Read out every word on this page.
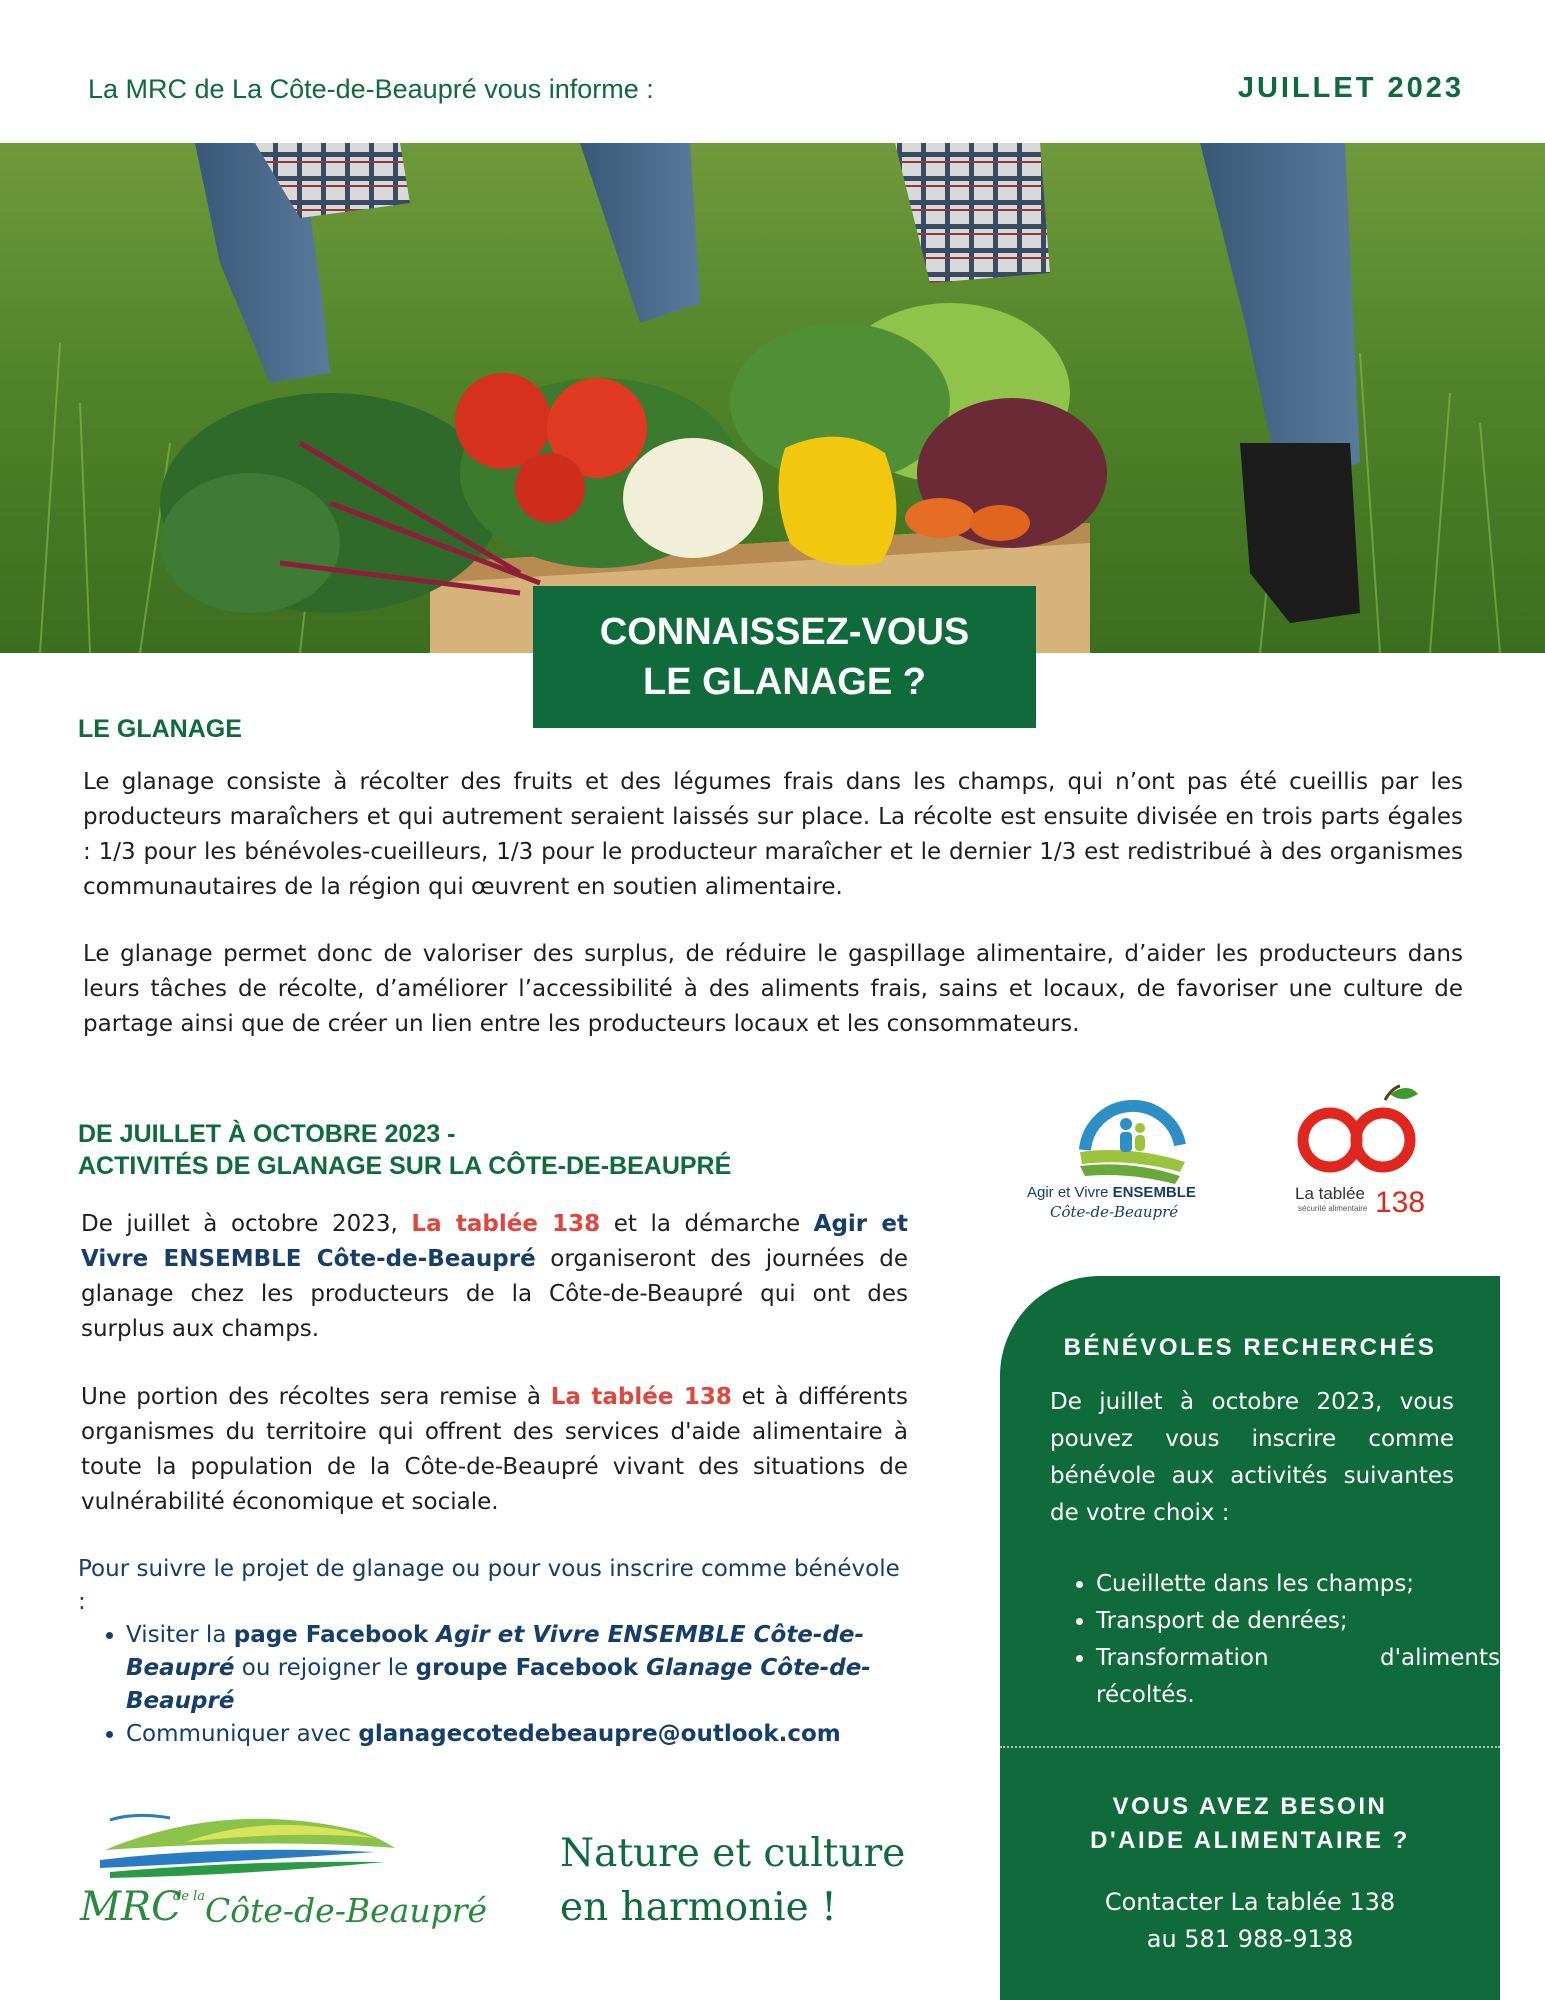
La MRC de La Côte-de-Beaupré vous informe :	JUILLET 2023
CONNAISSEZ-VOUS
LE GLANAGE ?
LE GLANAGE
Le glanage consiste à récolter des fruits et des légumes frais dans les champs, qui n’ont pas été cueillis par les producteurs maraîchers et qui autrement seraient laissés sur place. La récolte est ensuite divisée en trois parts égales : 1/3 pour les bénévoles-cueilleurs, 1/3 pour le producteur maraîcher et le dernier 1/3 est redistribué à des organismes communautaires de la région qui œuvrent en soutien alimentaire.
Le glanage permet donc de valoriser des surplus, de réduire le gaspillage alimentaire, d’aider les producteurs dans leurs tâches de récolte, d’améliorer l’accessibilité à des aliments frais, sains et locaux, de favoriser une culture de partage ainsi que de créer un lien entre les producteurs locaux et les consommateurs.
DE JUILLET À OCTOBRE 2023 -
ACTIVITÉS DE GLANAGE SUR LA CÔTE-DE-BEAUPRÉ
De juillet à octobre 2023, La tablée 138 et la démarche Agir et Vivre ENSEMBLE Côte-de-Beaupré organiseront des journées de glanage chez les producteurs de la Côte-de-Beaupré qui ont des surplus aux champs.
Une portion des récoltes sera remise à La tablée 138 et à différents organismes du territoire qui offrent des services d'aide alimentaire à toute la population de la Côte-de-Beaupré vivant des situations de vulnérabilité économique et sociale.
Pour suivre le projet de glanage ou pour vous inscrire comme bénévole :
• Visiter la page Facebook Agir et Vivre ENSEMBLE Côte-de-Beaupré ou rejoigner le groupe Facebook Glanage Côte-de-Beaupré
• Communiquer avec glanagecotedebeaupre@outlook.com
Agir et Vivre ENSEMBLE
Côte-de-Beaupré
La tablée
sécurité alimentaire 138
BÉNÉVOLES RECHERCHÉS
De juillet à octobre 2023, vous pouvez vous inscrire comme bénévole aux activités suivantes de votre choix :
• Cueillette dans les champs;
• Transport de denrées;
• Transformation d'aliments récoltés.
VOUS AVEZ BESOIN
D'AIDE ALIMENTAIRE ?
Contacter La tablée 138
au 581 988-9138
MRC
de la Côte-de-Beaupré
Nature et culture
en harmonie !
